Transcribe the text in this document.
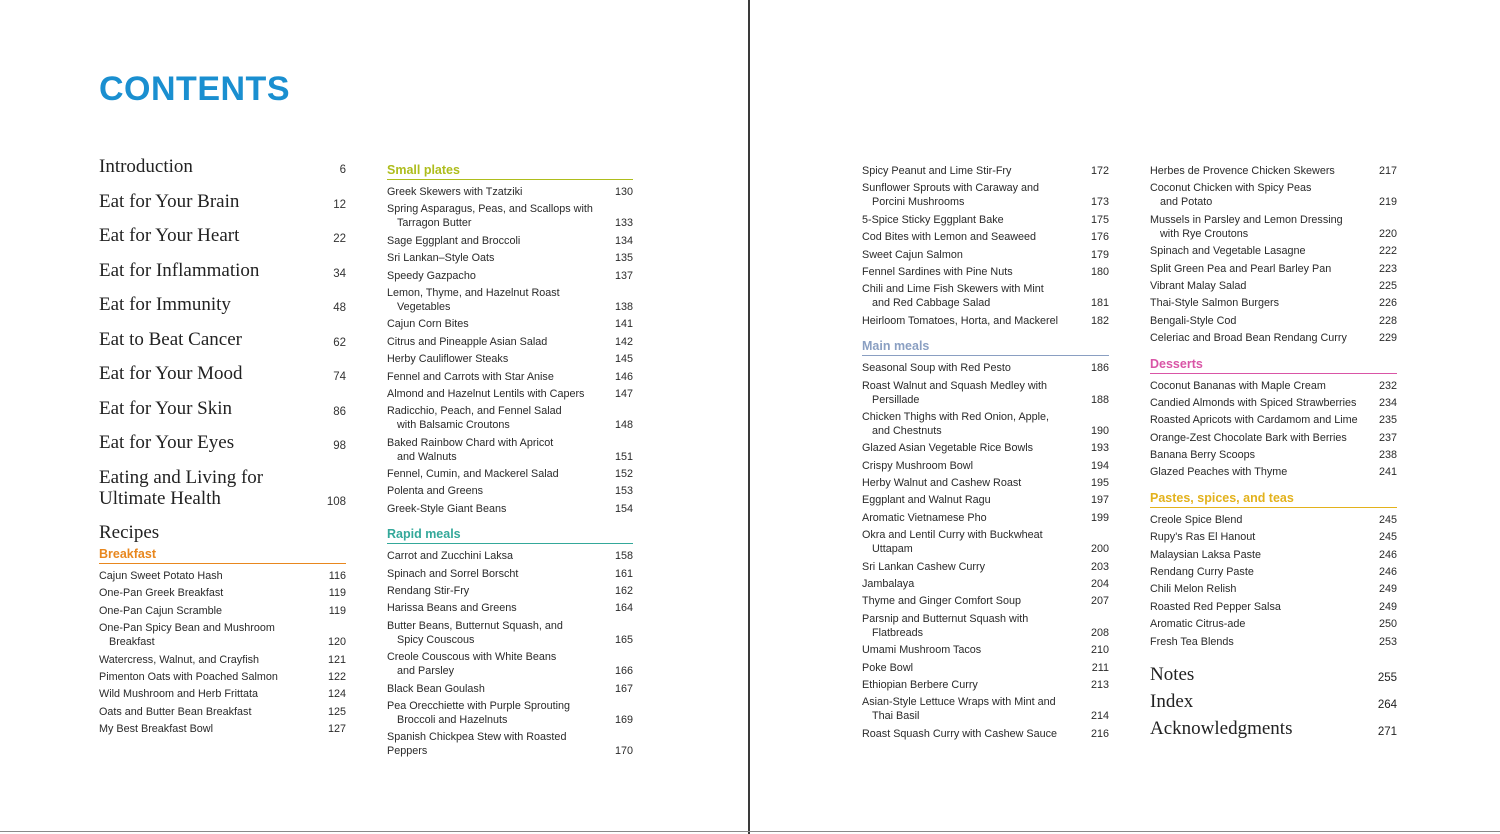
CONTENTS
Introduction	6
Eat for Your Brain	12
Eat for Your Heart	22
Eat for Inflammation	34
Eat for Immunity	48
Eat to Beat Cancer	62
Eat for Your Mood	74
Eat for Your Skin	86
Eat for Your Eyes	98
Eating and Living for Ultimate Health	108
Recipes
Breakfast
Cajun Sweet Potato Hash	116
One-Pan Greek Breakfast	119
One-Pan Cajun Scramble	119
One-Pan Spicy Bean and Mushroom
Breakfast	120
Watercress, Walnut, and Crayfish	121
Pimenton Oats with Poached Salmon	122
Wild Mushroom and Herb Frittata	124
Oats and Butter Bean Breakfast	125
My Best Breakfast Bowl	127
Small plates
Greek Skewers with Tzatziki	130
Spring Asparagus, Peas, and Scallops with
Tarragon Butter	133
Sage Eggplant and Broccoli	134
Sri Lankan–Style Oats	135
Speedy Gazpacho	137
Lemon, Thyme, and Hazelnut Roast
Vegetables	138
Cajun Corn Bites	141
Citrus and Pineapple Asian Salad	142
Herby Cauliflower Steaks	145
Fennel and Carrots with Star Anise	146
Almond and Hazelnut Lentils with Capers	147
Radicchio, Peach, and Fennel Salad
with Balsamic Croutons	148
Baked Rainbow Chard with Apricot
and Walnuts	151
Fennel, Cumin, and Mackerel Salad	152
Polenta and Greens	153
Greek-Style Giant Beans	154
Rapid meals
Carrot and Zucchini Laksa	158
Spinach and Sorrel Borscht	161
Rendang Stir-Fry	162
Harissa Beans and Greens	164
Butter Beans, Butternut Squash, and
Spicy Couscous	165
Creole Couscous with White Beans
and Parsley	166
Black Bean Goulash	167
Pea Orecchiette with Purple Sprouting
Broccoli and Hazelnuts	169
Spanish Chickpea Stew with Roasted Peppers	170
Spicy Peanut and Lime Stir-Fry	172
Sunflower Sprouts with Caraway and
Porcini Mushrooms	173
5-Spice Sticky Eggplant Bake	175
Cod Bites with Lemon and Seaweed	176
Sweet Cajun Salmon	179
Fennel Sardines with Pine Nuts	180
Chili and Lime Fish Skewers with Mint
and Red Cabbage Salad	181
Heirloom Tomatoes, Horta, and Mackerel	182
Main meals
Seasonal Soup with Red Pesto	186
Roast Walnut and Squash Medley with
Persillade	188
Chicken Thighs with Red Onion, Apple,
and Chestnuts	190
Glazed Asian Vegetable Rice Bowls	193
Crispy Mushroom Bowl	194
Herby Walnut and Cashew Roast	195
Eggplant and Walnut Ragu	197
Aromatic Vietnamese Pho	199
Okra and Lentil Curry with Buckwheat
Uttapam	200
Sri Lankan Cashew Curry	203
Jambalaya	204
Thyme and Ginger Comfort Soup	207
Parsnip and Butternut Squash with
Flatbreads	208
Umami Mushroom Tacos	210
Poke Bowl	211
Ethiopian Berbere Curry	213
Asian-Style Lettuce Wraps with Mint and
Thai Basil	214
Roast Squash Curry with Cashew Sauce	216
Herbes de Provence Chicken Skewers	217
Coconut Chicken with Spicy Peas
and Potato	219
Mussels in Parsley and Lemon Dressing
with Rye Croutons	220
Spinach and Vegetable Lasagne	222
Split Green Pea and Pearl Barley Pan	223
Vibrant Malay Salad	225
Thai-Style Salmon Burgers	226
Bengali-Style Cod	228
Celeriac and Broad Bean Rendang Curry	229
Desserts
Coconut Bananas with Maple Cream	232
Candied Almonds with Spiced Strawberries	234
Roasted Apricots with Cardamom and Lime	235
Orange-Zest Chocolate Bark with Berries	237
Banana Berry Scoops	238
Glazed Peaches with Thyme	241
Pastes, spices, and teas
Creole Spice Blend	245
Rupy's Ras El Hanout	245
Malaysian Laksa Paste	246
Rendang Curry Paste	246
Chili Melon Relish	249
Roasted Red Pepper Salsa	249
Aromatic Citrus-ade	250
Fresh Tea Blends	253
Notes	255
Index	264
Acknowledgments	271
